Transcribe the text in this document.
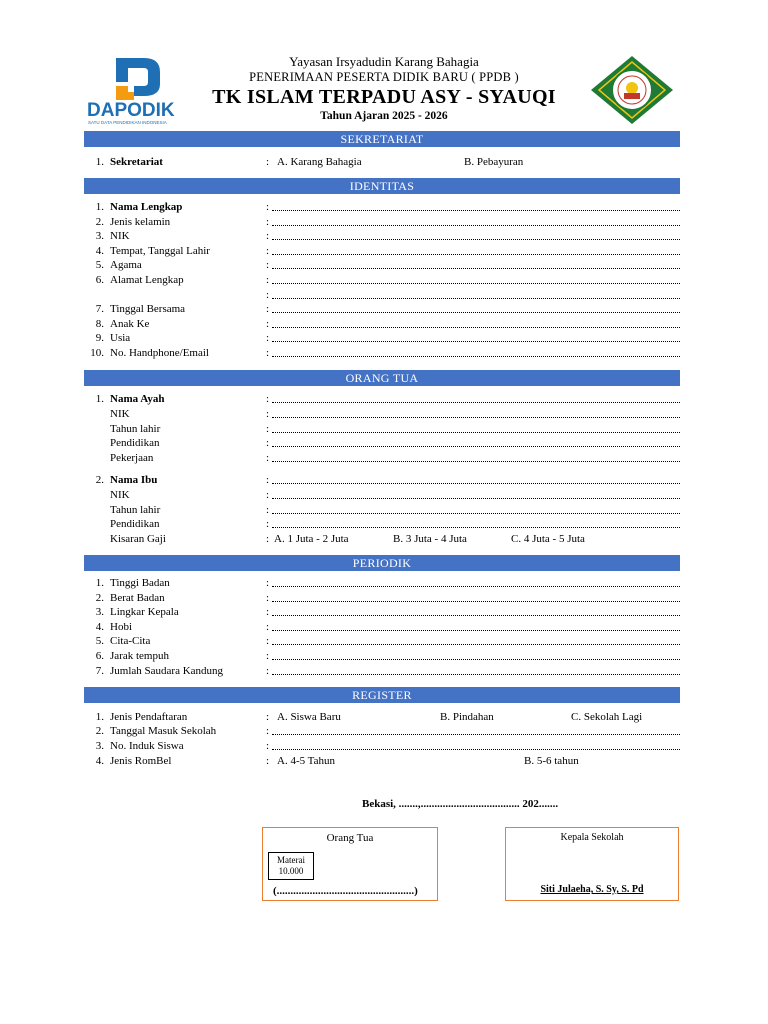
DAPODIK
SATU DATA PENDIDIKAN INDONESIA
Yayasan Irsyadudin Karang Bahagia
PENERIMAAN PESERTA DIDIK BARU ( PPDB )
TK ISLAM TERPADU ASY - SYAUQI
Tahun Ajaran 2025 - 2026
SEKRETARIAT
1. Sekretariat	: A. Karang Bahagia	B. Pebayuran
IDENTITAS
1. Nama Lengkap	:
2. Jenis kelamin	:
3. NIK	:
4. Tempat, Tanggal Lahir	:
5. Agama	:
6. Alamat Lengkap	:
:
7. Tinggal Bersama	:
8. Anak Ke	:
9. Usia	:
10. No. Handphone/Email	:
ORANG TUA
1. Nama Ayah	:
NIK	:
Tahun lahir	:
Pendidikan	:
Pekerjaan	:
2. Nama Ibu	:
NIK	:
Tahun lahir	:
Pendidikan	:
Kisaran Gaji	: A. 1 Juta - 2 Juta	B. 3 Juta - 4 Juta	C. 4 Juta - 5 Juta
PERIODIK
1. Tinggi Badan	:
2. Berat Badan	:
3. Lingkar Kepala	:
4. Hobi	:
5. Cita-Cita	:
6. Jarak tempuh	:
7. Jumlah Saudara Kandung	:
REGISTER
1. Jenis Pendaftaran	: A. Siswa Baru	B. Pindahan	C. Sekolah Lagi
2. Tanggal Masuk Sekolah	:
3. No. Induk Siswa	:
4. Jenis RomBel	: A. 4-5 Tahun	B. 5-6 tahun
Bekasi, .......,.................................... 202.......
Orang Tua
Materai
10.000
(..................................................)
Kepala Sekolah
Siti Julaeha, S. Sy, S. Pd
